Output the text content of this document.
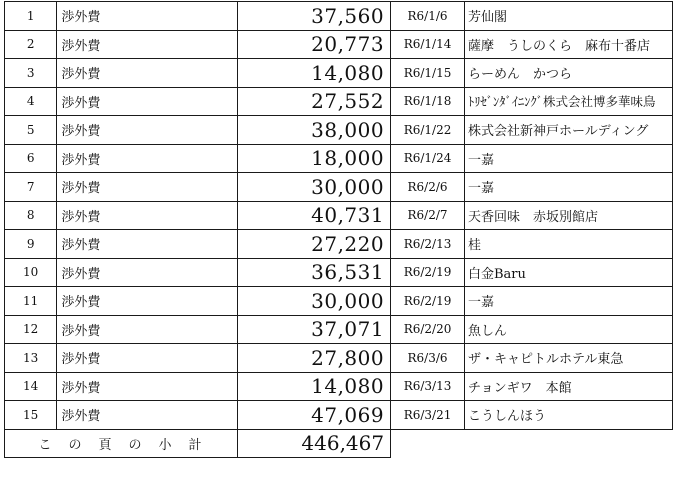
1	渉外費	37,560	R6/1/6	芳仙閣
2	渉外費	20,773	R6/1/14	薩摩　うしのくら　麻布十番店
3	渉外費	14,080	R6/1/15	らーめん　かつら
4	渉外費	27,552	R6/1/18	ﾄﾘｾﾞﾝﾀﾞｲﾆﾝｸﾞ株式会社博多華味鳥
5	渉外費	38,000	R6/1/22	株式会社新神戸ホールディング
6	渉外費	18,000	R6/1/24	一嘉
7	渉外費	30,000	R6/2/6	一嘉
8	渉外費	40,731	R6/2/7	天香回味　赤坂別館店
9	渉外費	27,220	R6/2/13	桂
10	渉外費	36,531	R6/2/19	白金Baru
11	渉外費	30,000	R6/2/19	一嘉
12	渉外費	37,071	R6/2/20	魚しん
13	渉外費	27,800	R6/3/6	ザ・キャピトルホテル東急
14	渉外費	14,080	R6/3/13	チョンギワ　本館
15	渉外費	47,069	R6/3/21	こうしんほう
こ　の　頁　の　小　計		446,467		
